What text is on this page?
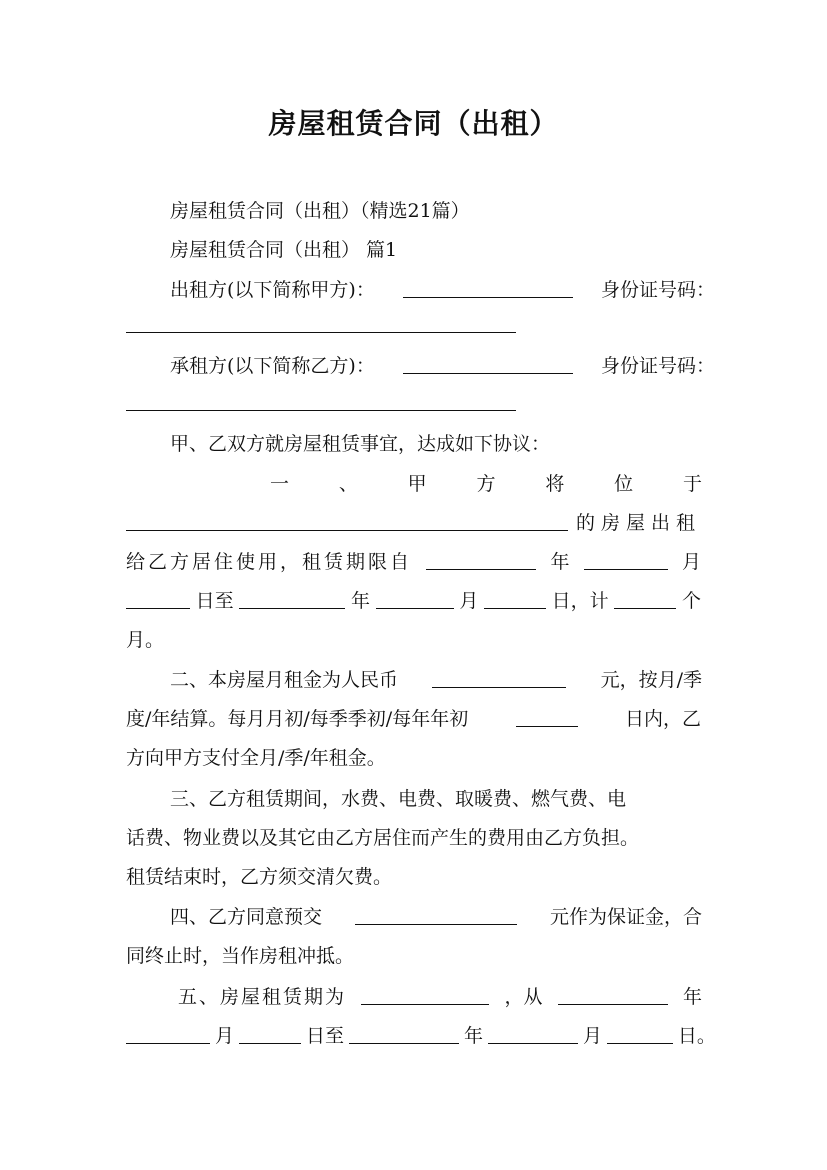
房屋租赁合同（出租）
房屋租赁合同（出租）（精选21篇）
房屋租赁合同（出租） 篇1
出租方(以下简称甲方)：	身份证号码：
承租方(以下简称乙方)：	身份证号码：
甲、乙双方就房屋租赁事宜，达成如下协议：
一	、	甲	方	将	位	于
的房屋出租
给乙方居住使用，租赁期限自	年	月
日至	年	月	日，计	个
月。
二、本房屋月租金为人民币	元，按月/季
度/年结算。每月月初/每季季初/每年年初	日内，乙
方向甲方支付全月/季/年租金。
三、乙方租赁期间，水费、电费、取暖费、燃气费、电
话费、物业费以及其它由乙方居住而产生的费用由乙方负担。
租赁结束时，乙方须交清欠费。
四、乙方同意预交	元作为保证金，合
同终止时，当作房租冲抵。
五、房屋租赁期为	，从	年
月	日至	年	月	日。
